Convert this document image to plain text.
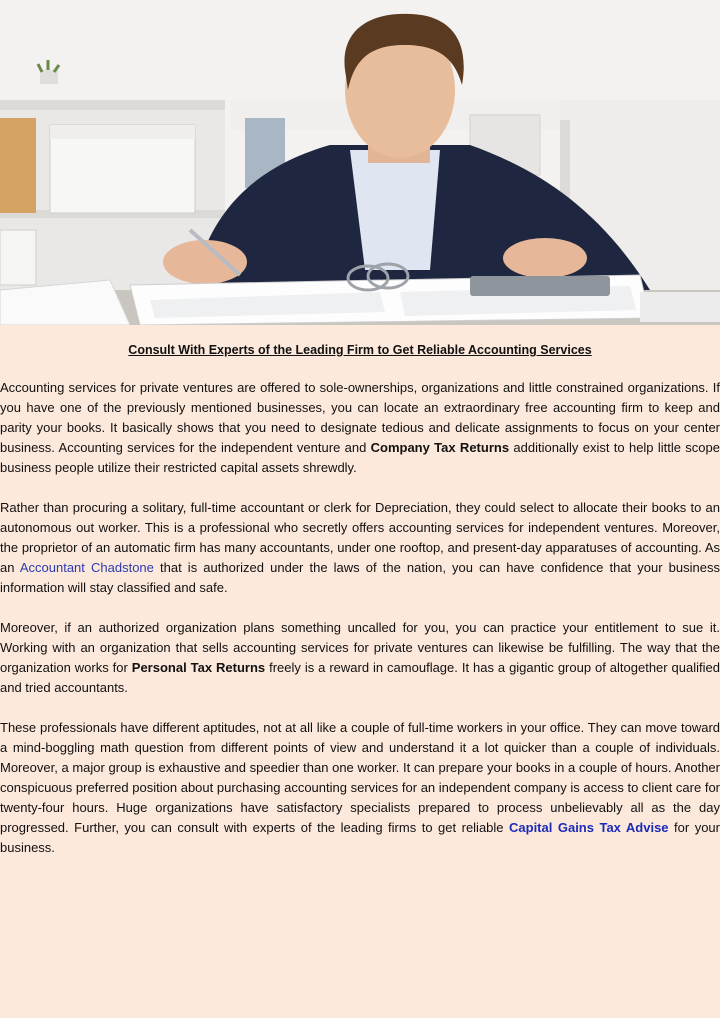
Consult With Experts of the Leading Firm to Get Reliable Accounting Services

Accounting services for private ventures are offered to sole-ownerships, organizations and little constrained organizations. If you have one of the previously mentioned businesses, you can locate an extraordinary free accounting firm to keep and parity your books. It basically shows that you need to designate tedious and delicate assignments to focus on your center business. Accounting services for the independent venture and Company Tax Returns additionally exist to help little scope business people utilize their restricted capital assets shrewdly.

Rather than procuring a solitary, full-time accountant or clerk for Depreciation, they could select to allocate their books to an autonomous out worker. This is a professional who secretly offers accounting services for independent ventures. Moreover, the proprietor of an automatic firm has many accountants, under one rooftop, and present-day apparatuses of accounting. As an Accountant Chadstone that is authorized under the laws of the nation, you can have confidence that your business information will stay classified and safe.

Moreover, if an authorized organization plans something uncalled for you, you can practice your entitlement to sue it. Working with an organization that sells accounting services for private ventures can likewise be fulfilling. The way that the organization works for Personal Tax Returns freely is a reward in camouflage. It has a gigantic group of altogether qualified and tried accountants.

These professionals have different aptitudes, not at all like a couple of full-time workers in your office. They can move toward a mind-boggling math question from different points of view and understand it a lot quicker than a couple of individuals. Moreover, a major group is exhaustive and speedier than one worker. It can prepare your books in a couple of hours. Another conspicuous preferred position about purchasing accounting services for an independent company is access to client care for twenty-four hours. Huge organizations have satisfactory specialists prepared to process unbelievably all as the day progressed. Further, you can consult with experts of the leading firms to get reliable Capital Gains Tax Advise for your business.
